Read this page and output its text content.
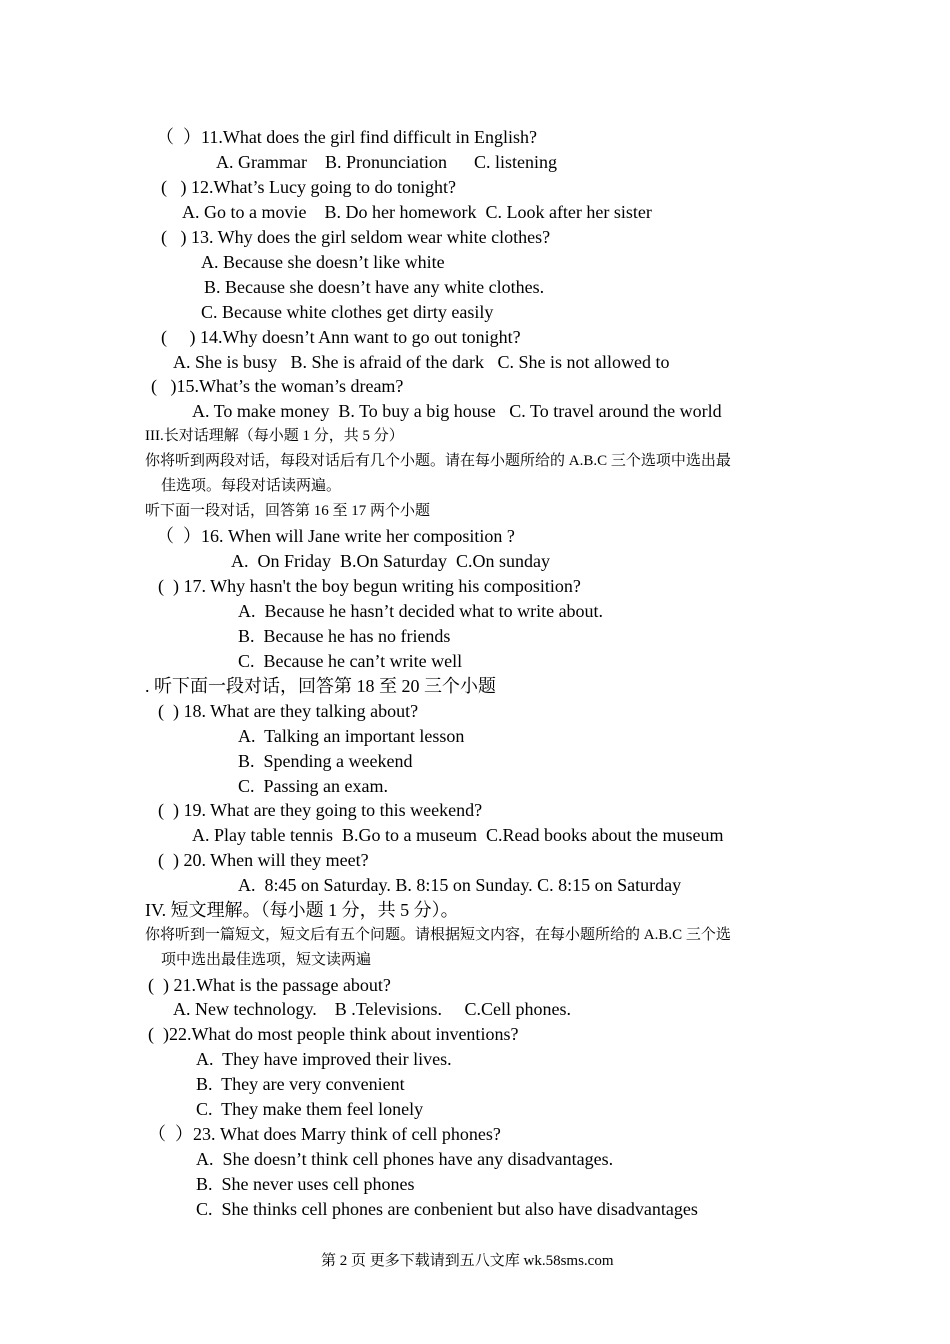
（  ）11.What does the girl find difficult in English?
A. Grammar    B. Pronunciation      C. listening
(   ) 12.What’s Lucy going to do tonight?
A. Go to a movie    B. Do her homework  C. Look after her sister
(   ) 13. Why does the girl seldom wear white clothes?
A. Because she doesn’t like white
B. Because she doesn’t have any white clothes.
C. Because white clothes get dirty easily
(     ) 14.Why doesn’t Ann want to go out tonight?
A. She is busy   B. She is afraid of the dark   C. She is not allowed to
(   )15.What’s the woman’s dream?
A. To make money  B. To buy a big house   C. To travel around the world
III.长对话理解（每小题 1 分，共 5 分）
你将听到两段对话，每段对话后有几个小题。请在每小题所给的 A.B.C 三个选项中选出最
佳选项。每段对话读两遍。
听下面一段对话，回答第 16 至 17 两个小题
（  ）16. When will Jane write her composition ?
A.  On Friday  B.On Saturday  C.On sunday
(  ) 17. Why hasn't the boy begun writing his composition?
A.  Because he hasn’t decided what to write about.
B.  Because he has no friends
C.  Because he can’t write well
. 听下面一段对话，回答第 18 至 20 三个小题
(  ) 18. What are they talking about?
A.  Talking an important lesson
B.  Spending a weekend
C.  Passing an exam.
(  ) 19. What are they going to this weekend?
A. Play table tennis  B.Go to a museum  C.Read books about the museum
(  ) 20. When will they meet?
A.  8:45 on Saturday. B. 8:15 on Sunday. C. 8:15 on Saturday
IV. 短文理解。（每小题 1 分，共 5 分）。
你将听到一篇短文，短文后有五个问题。请根据短文内容，在每小题所给的 A.B.C 三个选
项中选出最佳选项，短文读两遍
(  ) 21.What is the passage about?
A. New technology.    B .Televisions.     C.Cell phones.
(  )22.What do most people think about inventions?
A.  They have improved their lives.
B.  They are very convenient
C.  They make them feel lonely
（  ）23. What does Marry think of cell phones?
A.  She doesn’t think cell phones have any disadvantages.
B.  She never uses cell phones
C.  She thinks cell phones are conbenient but also have disadvantages
第 2 页 更多下载请到五八文库 wk.58sms.com
